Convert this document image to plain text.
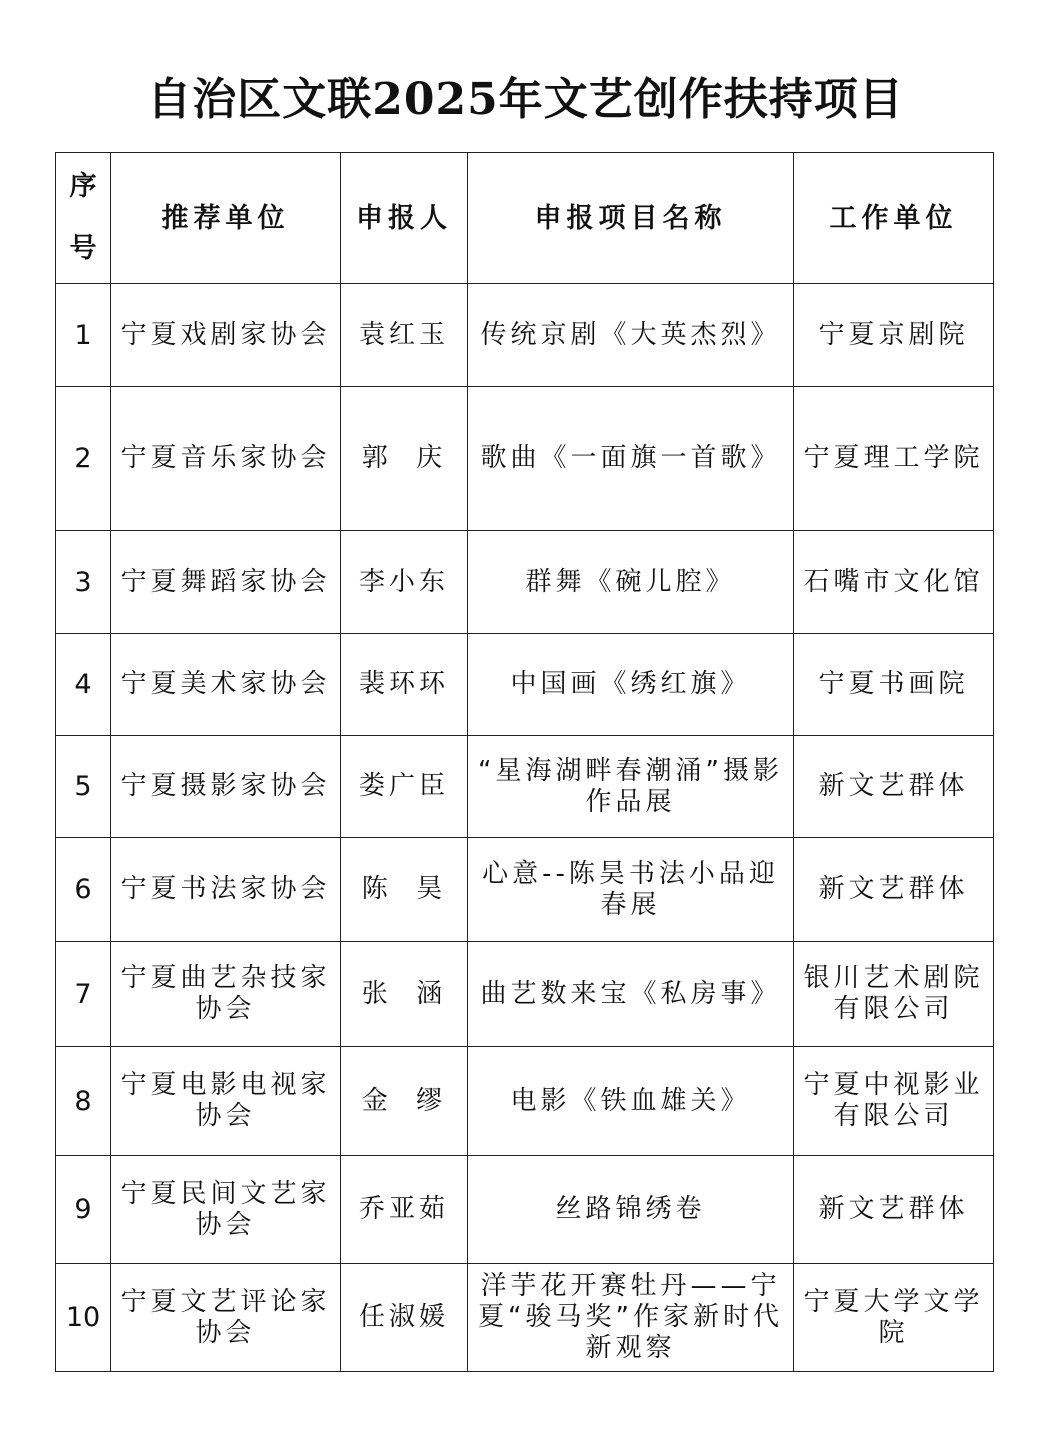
自治区文联2025年文艺创作扶持项目
序号	推荐单位	申报人	申报项目名称	工作单位
1	宁夏戏剧家协会	袁红玉	传统京剧《大英杰烈》	宁夏京剧院
2	宁夏音乐家协会	郭  庆	歌曲《一面旗一首歌》	宁夏理工学院
3	宁夏舞蹈家协会	李小东	群舞《碗儿腔》	石嘴市文化馆
4	宁夏美术家协会	裴环环	中国画《绣红旗》	宁夏书画院
5	宁夏摄影家协会	娄广臣	“星海湖畔春潮涌”摄影作品展	新文艺群体
6	宁夏书法家协会	陈  昊	心意--陈昊书法小品迎春展	新文艺群体
7	宁夏曲艺杂技家协会	张  涵	曲艺数来宝《私房事》	银川艺术剧院有限公司
8	宁夏电影电视家协会	金  缪	电影《铁血雄关》	宁夏中视影业有限公司
9	宁夏民间文艺家协会	乔亚茹	丝路锦绣卷	新文艺群体
10	宁夏文艺评论家协会	任淑媛	洋芋花开赛牡丹——宁夏“骏马奖”作家新时代新观察	宁夏大学文学院
